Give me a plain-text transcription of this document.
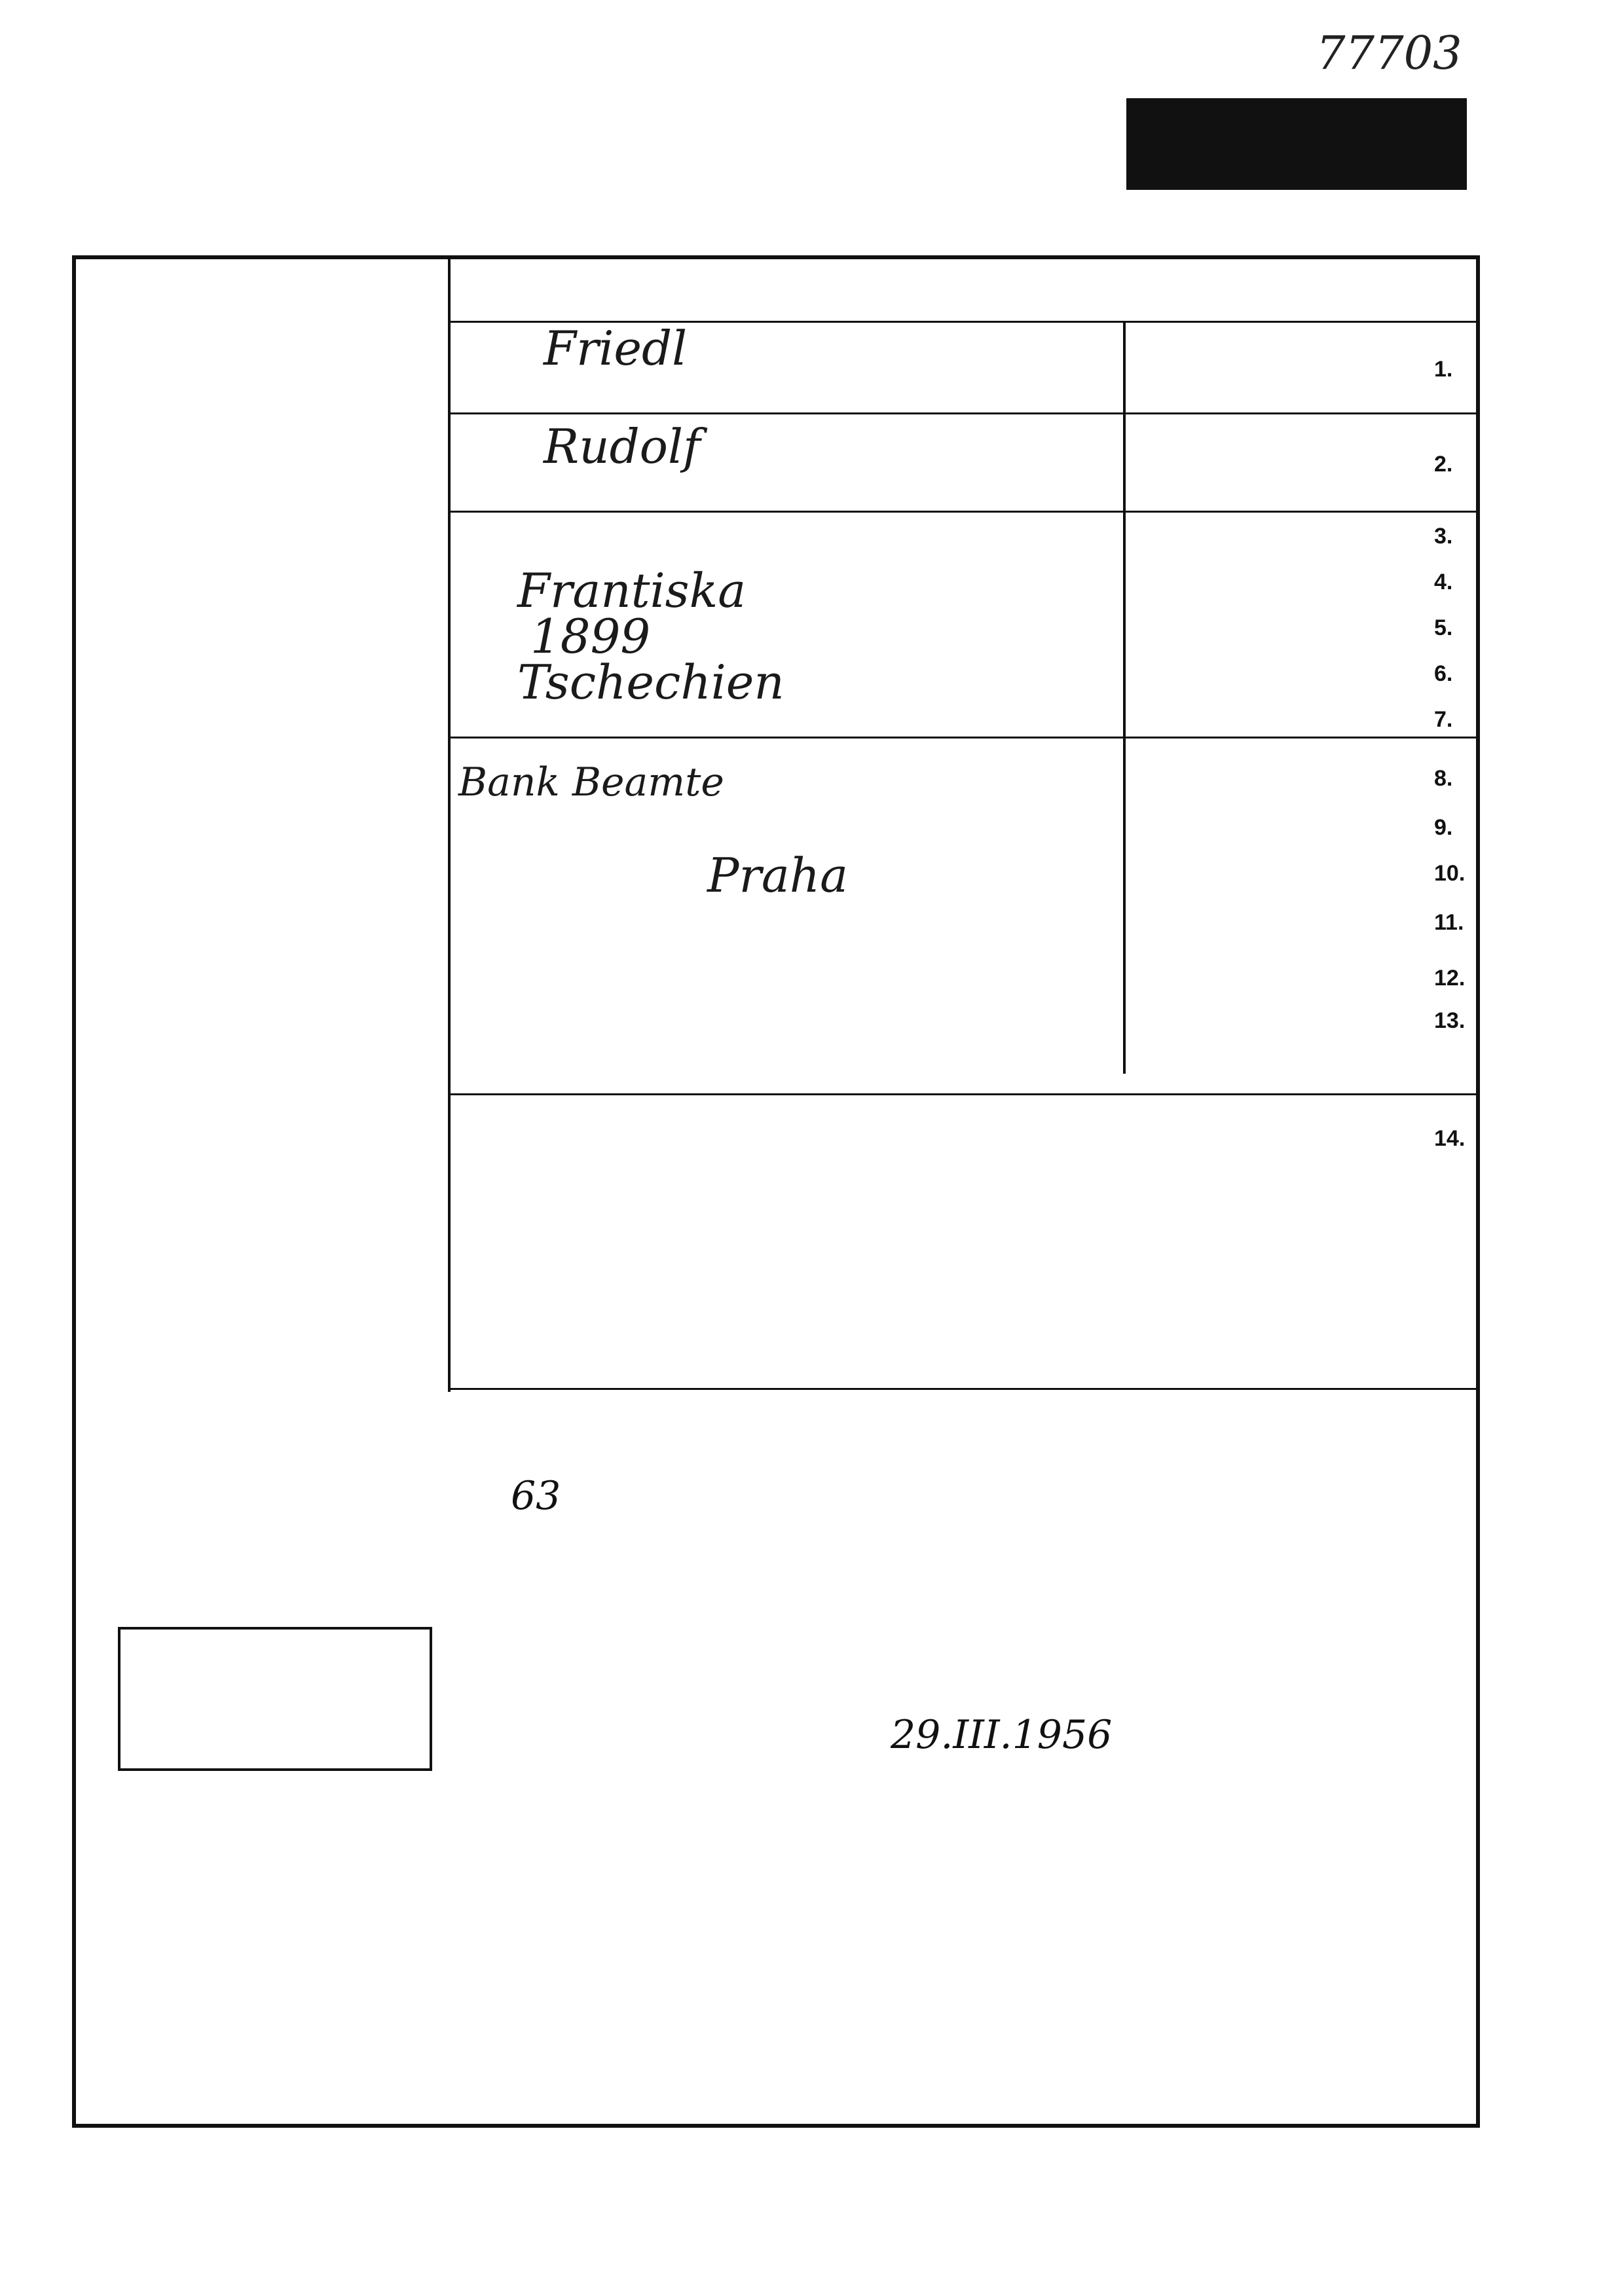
77703
Friedl
Rudolf
Frantiska
1899
Tschechien
Bank Beamte
Praha
1.
2.
3.
4.
5.
6.
7.
8.
9.
10.
11.
12.
13.
14.
63
29.III.1956
